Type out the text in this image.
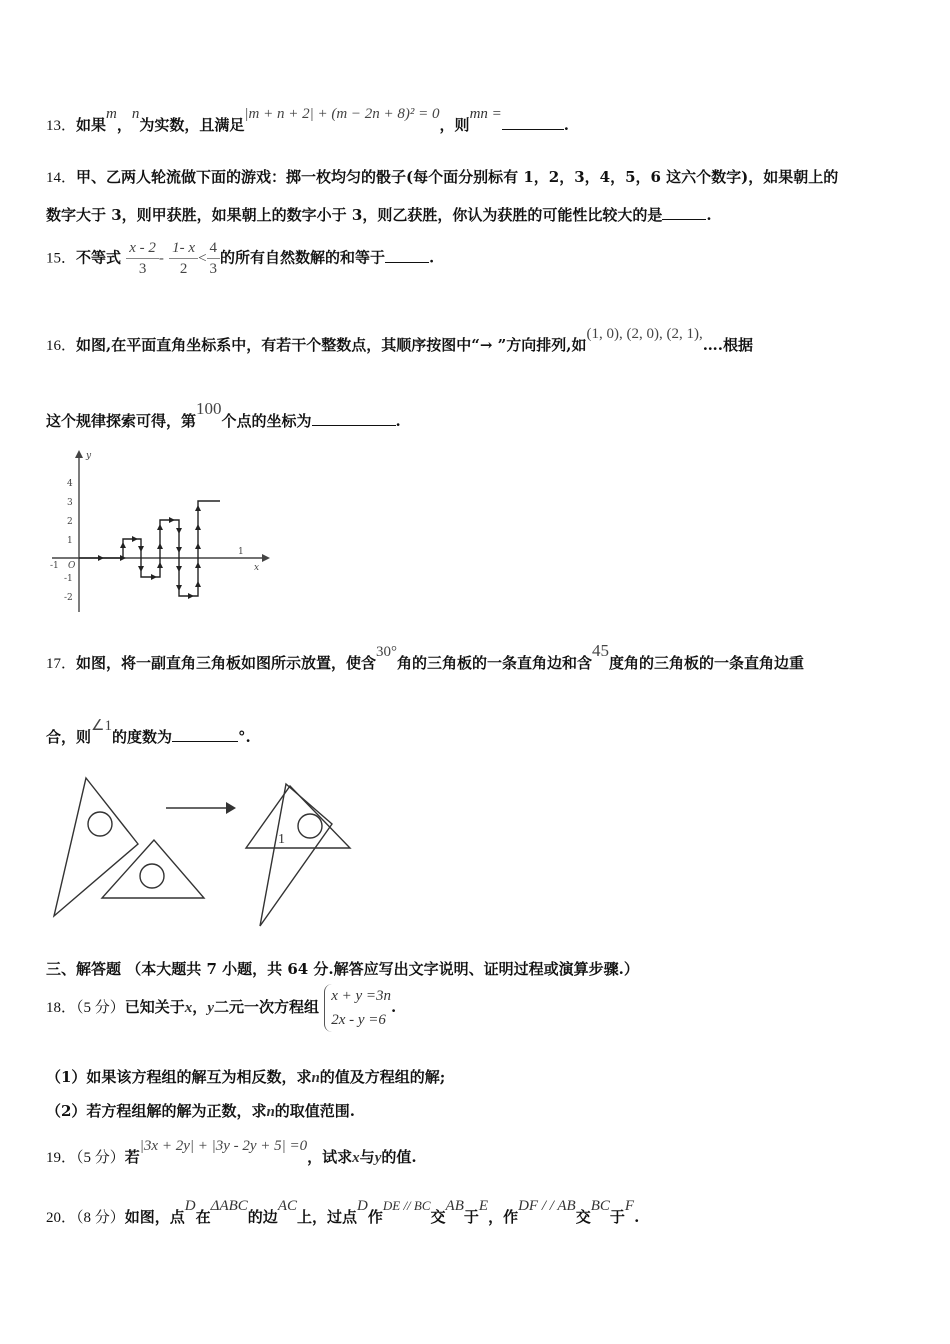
13．如果m，n为实数，且满足|m + n + 2| + (m − 2n + 8)² = 0，则mn =.
14．甲、乙两人轮流做下面的游戏：掷一枚均匀的骰子(每个面分别标有 1，2，3，4，5，6 这六个数字)，如果朝上的
数字大于 3，则甲获胜，如果朝上的数字小于 3，则乙获胜，你认为获胜的可能性比较大的是	.
15．不等式 $\frac{x - 2}{3} - \frac{1- x}{2} < \frac{4}{3}$ 的所有自然数解的和等于	.
16．如图,在平面直角坐标系中，有若干个整数点，其顺序按图中“→ ”方向排列,如(1, 0), (2, 0), (2, 1),….根据
这个规律探索可得，第100个点的坐标为	.
x
y
O
-1
1
4
3
2
1
-1
-2
17．如图，将一副直角三角板如图所示放置，使含30°角的三角板的一条直角边和含45度角的三角板的一条直角边重
合，则∠1的度数为	°.
1
三、解答题 （本大题共 7 小题，共 64 分.解答应写出文字说明、证明过程或演算步骤.）
18．（5 分）已知关于x，y二元一次方程组
x + y =3n
2x - y =6
.
（1）如果该方程组的解互为相反数，求n的值及方程组的解;
（2）若方程组解的解为正数，求n的取值范围.
19．（5 分）若|3x + 2y| + |3y - 2y + 5| =0，试求x与y的值.
20．（8 分）如图，点D在ΔABC的边AC上，过点D作DE // BC交AB于E，作DF / / AB交BC于F.
